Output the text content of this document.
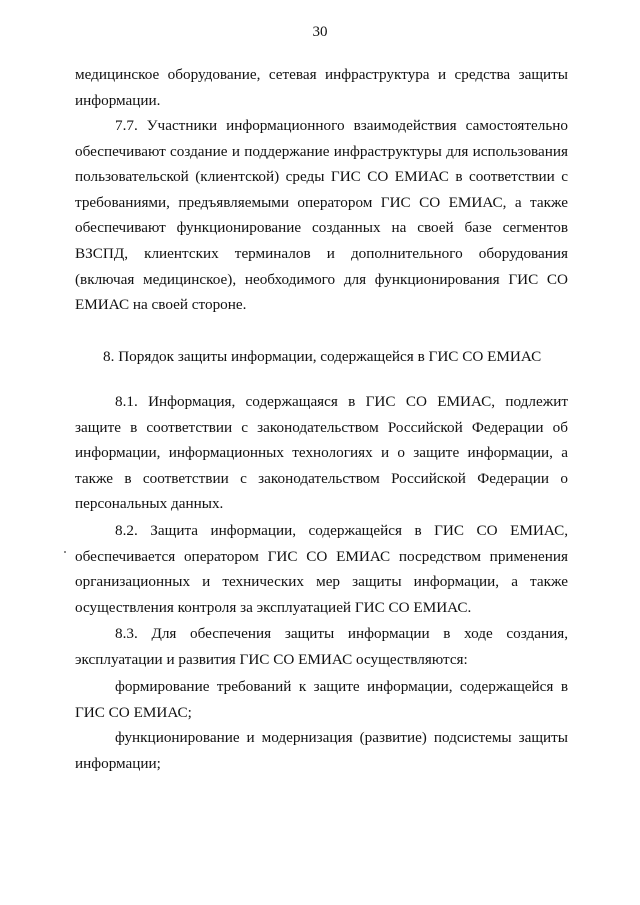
30
медицинское оборудование, сетевая инфраструктура и средства защиты информации.
7.7. Участники информационного взаимодействия самостоятельно обеспечивают создание и поддержание инфраструктуры для использования пользовательской (клиентской) среды ГИС СО ЕМИАС в соответствии с требованиями, предъявляемыми оператором ГИС СО ЕМИАС, а также обеспечивают функционирование созданных на своей базе сегментов ВЗСПД, клиентских терминалов и дополнительного оборудования (включая медицинское), необходимого для функционирования ГИС СО ЕМИАС на своей стороне.
8. Порядок защиты информации, содержащейся в ГИС СО ЕМИАС
8.1. Информация, содержащаяся в ГИС СО ЕМИАС, подлежит защите в соответствии с законодательством Российской Федерации об информации, информационных технологиях и о защите информации, а также в соответствии с законодательством Российской Федерации о персональных данных.
8.2. Защита информации, содержащейся в ГИС СО ЕМИАС, обеспечивается оператором ГИС СО ЕМИАС посредством применения организационных и технических мер защиты информации, а также осуществления контроля за эксплуатацией ГИС СО ЕМИАС.
8.3. Для обеспечения защиты информации в ходе создания, эксплуатации и развития ГИС СО ЕМИАС осуществляются:
формирование требований к защите информации, содержащейся в ГИС СО ЕМИАС;
функционирование и модернизация (развитие) подсистемы защиты информации;
